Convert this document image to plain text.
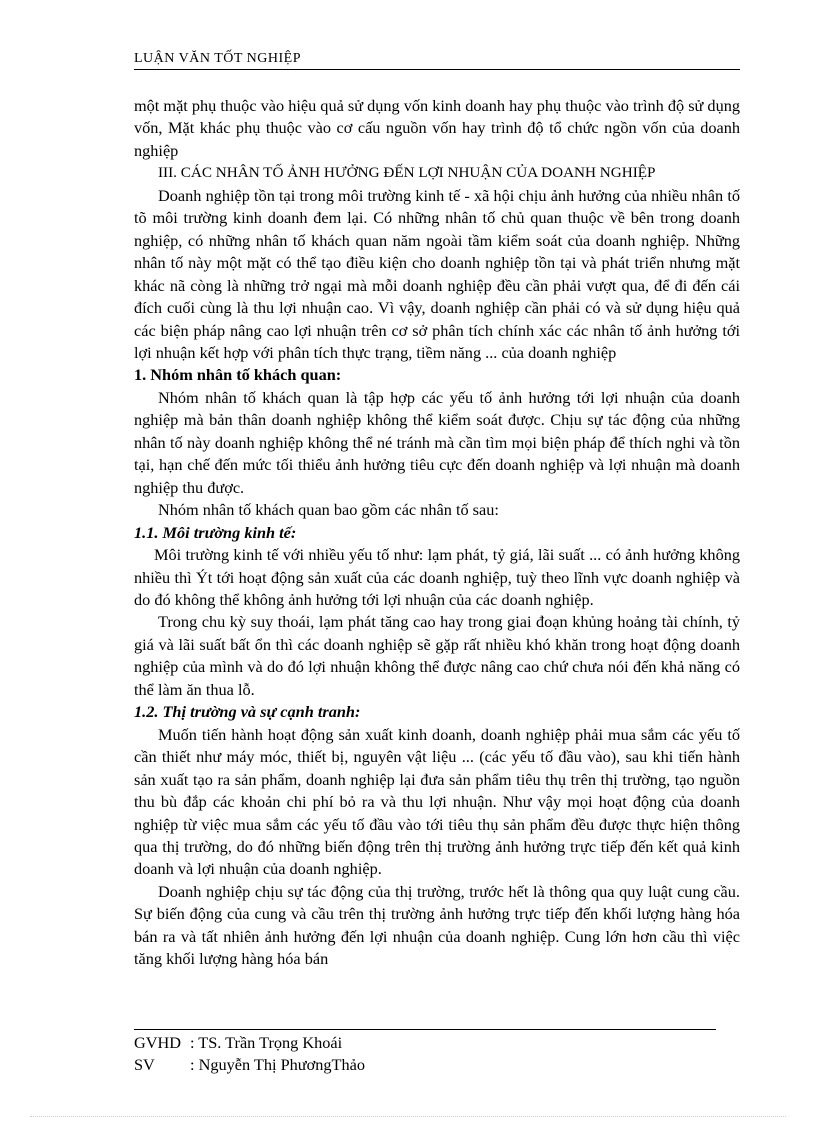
LUẬN VĂN TỐT NGHIỆP

một mặt phụ thuộc vào hiệu quả sử dụng vốn kinh doanh hay phụ thuộc vào trình độ sử dụng vốn, Mặt khác phụ thuộc vào cơ cấu nguồn vốn hay trình độ tổ chức ngồn vốn của doanh nghiệp

III. CÁC NHÂN TỐ ẢNH HƯỞNG ĐẾN LỢI NHUẬN CỦA DOANH NGHIỆP

Doanh nghiệp tồn tại trong môi trường kinh tế - xã hội chịu ảnh hưởng của nhiều nhân tố tõ môi trường kinh doanh đem lại. Có những nhân tố chủ quan thuộc về bên trong doanh nghiệp, có những nhân tố khách quan năm ngoài tầm kiểm soát của doanh nghiệp. Những nhân tố này một mặt có thể tạo điều kiện cho doanh nghiệp tồn tại và phát triển nhưng mặt khác nã còng là những trở ngại mà mỗi doanh nghiệp đều cần phải vượt qua, để đi đến cái đích cuối cùng là thu lợi nhuận cao. Vì vậy, doanh nghiệp cần phải có và sử dụng hiệu quả các biện pháp nâng cao lợi nhuận trên cơ sở phân tích chính xác các nhân tố ảnh hưởng tới lợi nhuận kết hợp với phân tích thực trạng, tiềm năng ... của doanh nghiệp

1. Nhóm nhân tố khách quan:

Nhóm nhân tố khách quan là tập hợp các yếu tố ảnh hưởng tới lợi nhuận của doanh nghiệp mà bản thân doanh nghiệp không thể kiểm soát được. Chịu sự tác động của những nhân tố này doanh nghiệp không thể né tránh mà cần tìm mọi biện pháp để thích nghi và tồn tại, hạn chế đến mức tối thiểu ảnh hưởng tiêu cực đến doanh nghiệp và lợi nhuận mà doanh nghiệp thu được.

Nhóm nhân tố khách quan bao gồm các nhân tố sau:

1.1. Môi trường kinh tế:

Môi trường kinh tế với nhiều yếu tố như: lạm phát, tỷ giá, lãi suất ... có ảnh hưởng không nhiều thì Ýt tới hoạt động sản xuất của các doanh nghiệp, tuỳ theo lĩnh vực doanh nghiệp và do đó không thể không ảnh hưởng tới lợi nhuận của các doanh nghiệp.

Trong chu kỳ suy thoái, lạm phát tăng cao hay trong giai đoạn khủng hoảng tài chính, tỷ giá và lãi suất bất ổn thì các doanh nghiệp sẽ gặp rất nhiều khó khăn trong hoạt động doanh nghiệp của mình và do đó lợi nhuận không thể được nâng cao chứ chưa nói đến khả năng có thể làm ăn thua lỗ.

1.2. Thị trường và sự cạnh tranh:

Muốn tiến hành hoạt động sản xuất kinh doanh, doanh nghiệp phải mua sắm các yếu tố cần thiết như máy móc, thiết bị, nguyên vật liệu ... (các yếu tố đầu vào), sau khi tiến hành sản xuất tạo ra sản phẩm, doanh nghiệp lại đưa sản phẩm tiêu thụ trên thị trường, tạo nguồn thu bù đắp các khoản chi phí bỏ ra và thu lợi nhuận. Như vậy mọi hoạt động của doanh nghiệp từ việc mua sắm các yếu tố đầu vào tới tiêu thụ sản phẩm đều được thực hiện thông qua thị trường, do đó những biến động trên thị trường ảnh hưởng trực tiếp đến kết quả kinh doanh và lợi nhuận của doanh nghiệp.

Doanh nghiệp chịu sự tác động của thị trường, trước hết là thông qua quy luật cung cầu. Sự biến động của cung và cầu trên thị trường ảnh hưởng trực tiếp đến khối lượng hàng hóa bán ra và tất nhiên ảnh hưởng đến lợi nhuận của doanh nghiệp. Cung lớn hơn cầu thì việc tăng khối lượng hàng hóa bán

GVHD : TS. Trần Trọng Khoái
SV	: Nguyễn Thị PhươngThảo
